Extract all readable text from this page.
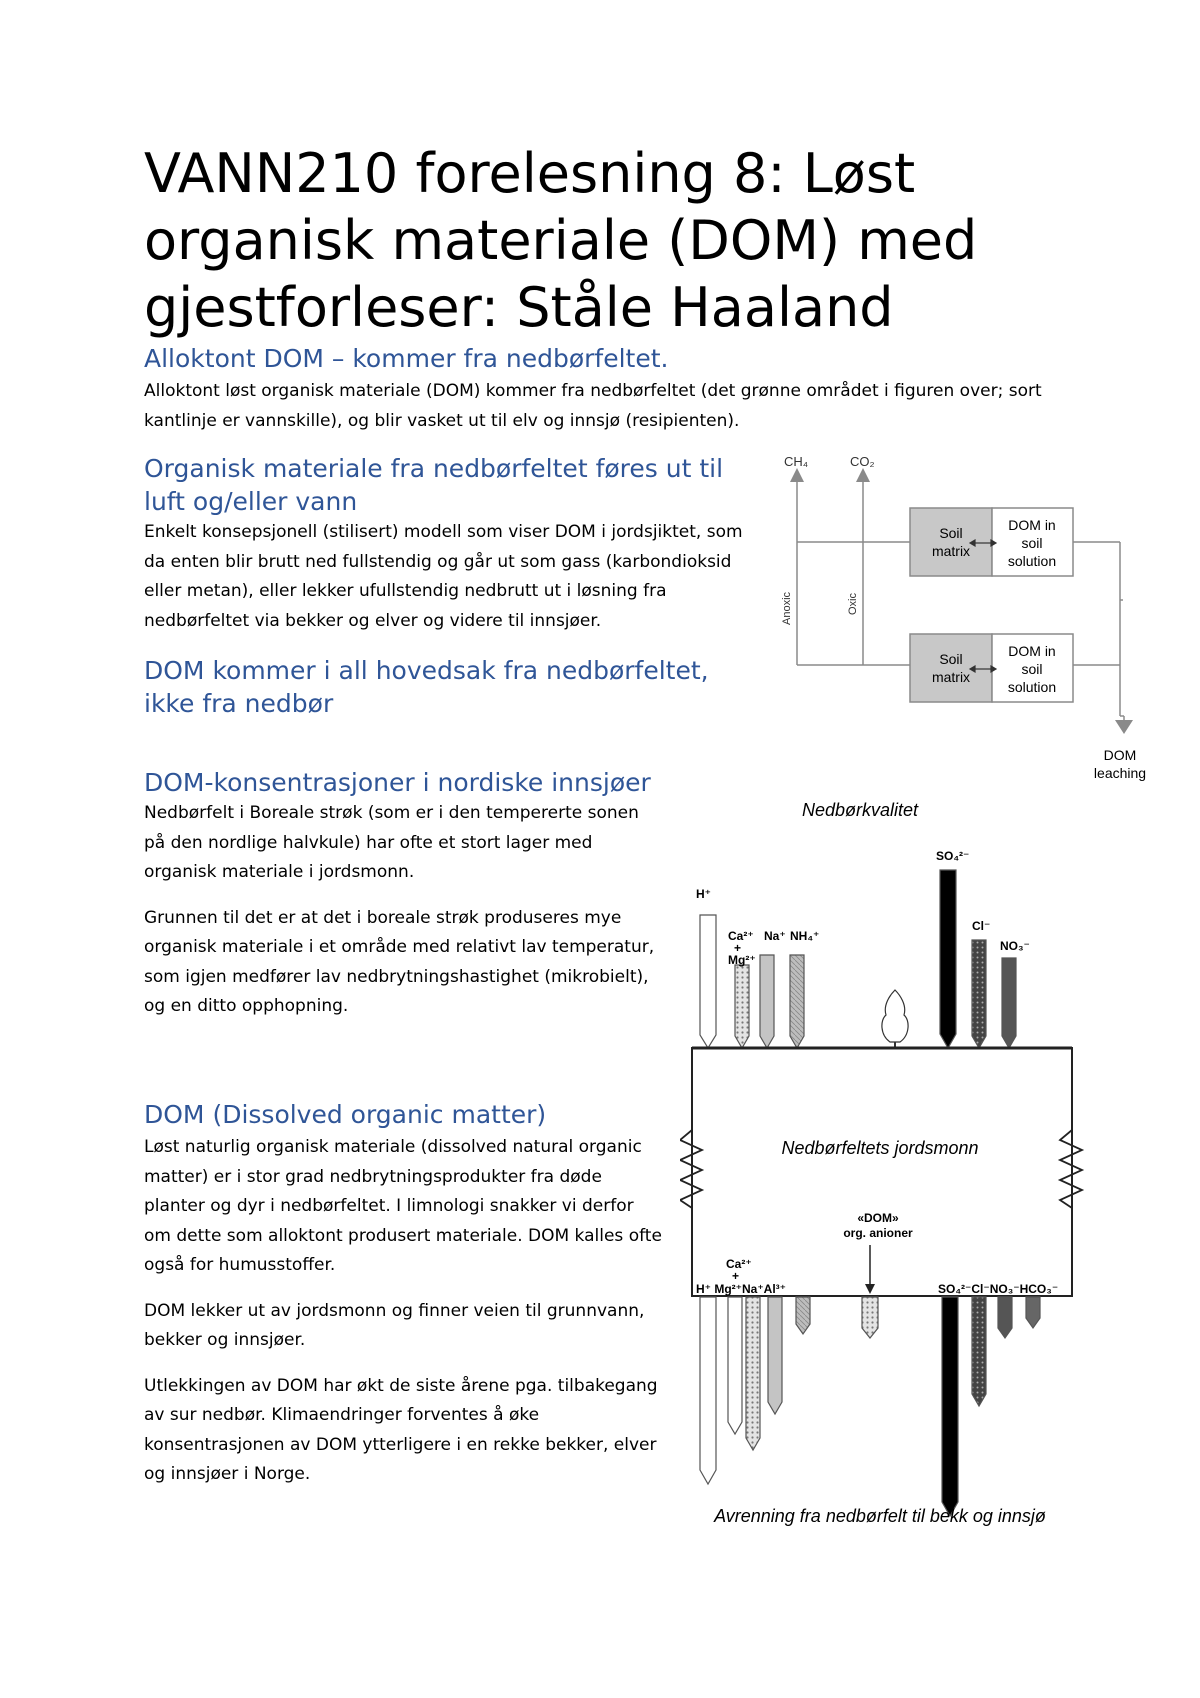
VANN210 forelesning 8: Løst organisk materiale (DOM) med gjestforleser: Ståle Haaland
Alloktont DOM – kommer fra nedbørfeltet.

Alloktont løst organisk materiale (DOM) kommer fra nedbørfeltet (det grønne området i figuren over; sort kantlinje er vannskille), og blir vasket ut til elv og innsjø (resipienten).

Organisk materiale fra nedbørfeltet føres ut til luft og/eller vann

Enkelt konsepsjonell (stilisert) modell som viser DOM i jordsjiktet, som da enten blir brutt ned fullstendig og går ut som gass (karbondioksid eller metan), eller lekker ufullstendig nedbrutt ut i løsning fra nedbørfeltet via bekker og elver og videre til innsjøer.

DOM kommer i all hovedsak fra nedbørfeltet, ikke fra nedbør
DOM-konsentrasjoner i nordiske innsjøer

Nedbørfelt i Boreale strøk (som er i den tempererte sonen på den nordlige halvkule) har ofte et stort lager med organisk materiale i jordsmonn.

Grunnen til det er at det i boreale strøk produseres mye organisk materiale i et område med relativt lav temperatur, som igjen medfører lav nedbrytningshastighet (mikrobielt), og en ditto opphopning.

DOM (Dissolved organic matter)

Løst naturlig organisk materiale (dissolved natural organic matter) er i stor grad nedbrytningsprodukter fra døde planter og dyr i nedbørfeltet. I limnologi snakker vi derfor om dette som alloktont produsert materiale. DOM kalles ofte også for humusstoffer.

DOM lekker ut av jordsmonn og finner veien til grunnvann, bekker og innsjøer.

Utlekkingen av DOM har økt de siste årene pga. tilbakegang av sur nedbør. Klimaendringer forventes å øke konsentrasjonen av DOM ytterligere i en rekke bekker, elver og innsjøer i Norge.

CH₄	CO₂
Anoxic	Oxic
Soil
matrix
DOM in
soil
solution
Soil
matrix
DOM in
soil
solution
DOM
leaching
Nedbørkvalitet
H⁺
Ca²⁺
+
Mg²⁺
Na⁺ NH₄⁺
SO₄²⁻
Cl⁻
NO₃⁻
Nedbørfeltets jordsmonn
«DOM»
org. anioner
Ca²⁺
+
H⁺ Mg²⁺Na⁺Al³⁺	SO₄²⁻Cl⁻NO₃⁻HCO₃⁻
Avrenning fra nedbørfelt til bekk og innsjø
